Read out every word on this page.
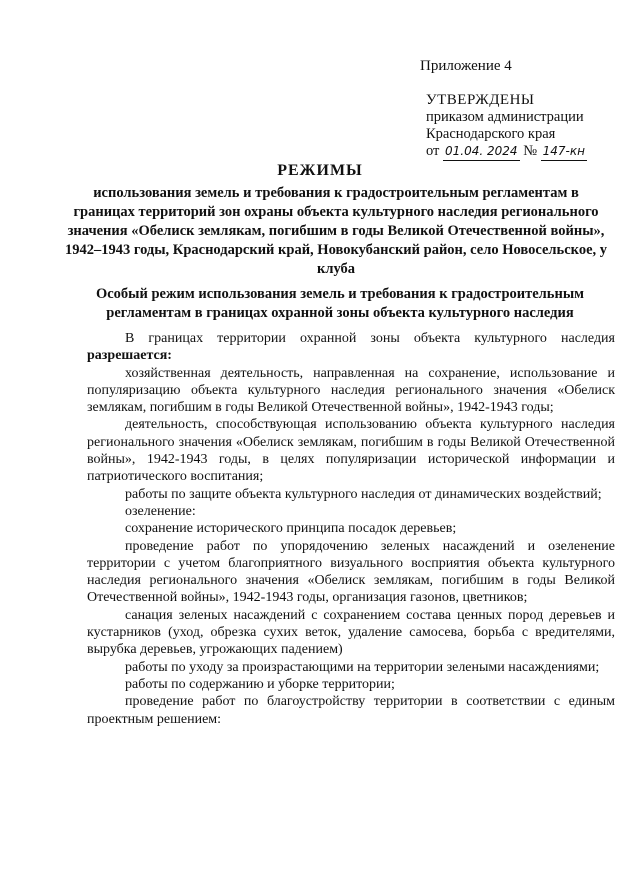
Приложение 4
УТВЕРЖДЕНЫ
приказом администрации
Краснодарского края
от 01.04. 2024 № 147-кн
РЕЖИМЫ
использования земель и требования к градостроительным регламентам в границах территорий зон охраны объекта культурного наследия регионального значения «Обелиск землякам, погибшим в годы Великой Отечественной войны», 1942–1943 годы, Краснодарский край, Новокубанский район, село Новосельское, у клуба
Особый режим использования земель и требования к градостроительным регламентам в границах охранной зоны объекта культурного наследия

В границах территории охранной зоны объекта культурного наследия разрешается:

хозяйственная деятельность, направленная на сохранение, использование и популяризацию объекта культурного наследия регионального значения «Обелиск землякам, погибшим в годы Великой Отечественной войны», 1942-1943 годы;

деятельность, способствующая использованию объекта культурного наследия регионального значения «Обелиск землякам, погибшим в годы Великой Отечественной войны», 1942-1943 годы, в целях популяризации исторической информации и патриотического воспитания;

работы по защите объекта культурного наследия от динамических воздействий;

озеленение:

сохранение исторического принципа посадок деревьев;

проведение работ по упорядочению зеленых насаждений и озеленение территории с учетом благоприятного визуального восприятия объекта культурного наследия регионального значения «Обелиск землякам, погибшим в годы Великой Отечественной войны», 1942-1943 годы, организация газонов, цветников;

санация зеленых насаждений с сохранением состава ценных пород деревьев и кустарников (уход, обрезка сухих веток, удаление самосева, борьба с вредителями, вырубка деревьев, угрожающих падением)

работы по уходу за произрастающими на территории зелеными насаждениями;

работы по содержанию и уборке территории;

проведение работ по благоустройству территории в соответствии с единым проектным решением:
